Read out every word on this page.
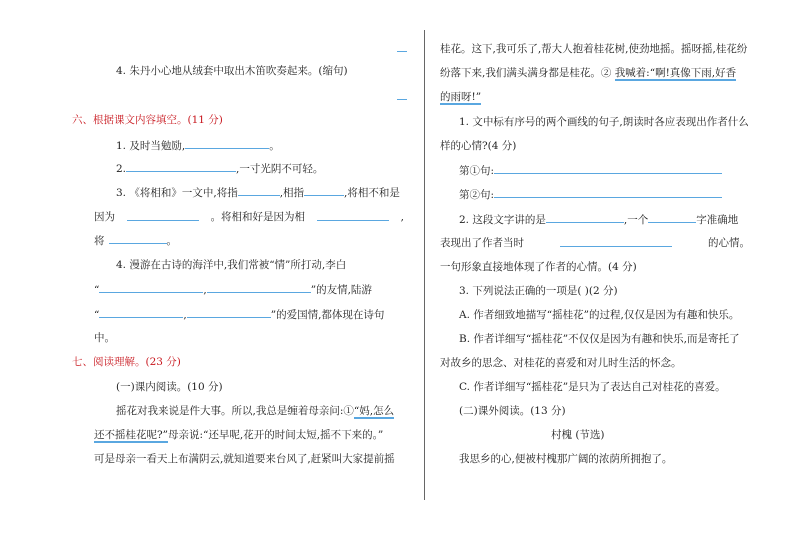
4. 朱丹小心地从绒套中取出木笛吹奏起来。(缩句)
六、根据课文内容填空。(11 分)
1. 及时当勉励,	。
2.	,一寸光阴不可轻。
3. 《将相和》一文中,将指	,相指	,将相不和是
因为	。将相和好是因为相	,
将	。
4. 漫游在古诗的海洋中,我们常被“情”所打动,李白
“	,	”的友情,陆游
“	,	”的爱国情,都体现在诗句
中。
七、阅读理解。(23 分)
(一)课内阅读。(10 分)
摇花对我来说是件大事。所以,我总是缠着母亲问:①“妈,怎么
还不摇桂花呢?”母亲说:“还早呢,花开的时间太短,摇不下来的。”
可是母亲一看天上布满阴云,就知道要来台风了,赶紧叫大家提前摇
桂花。这下,我可乐了,帮大人抱着桂花树,使劲地摇。摇呀摇,桂花纷
纷落下来,我们满头满身都是桂花。② 我喊着:“啊!真像下雨,好香
的雨呀!”
1. 文中标有序号的两个画线的句子,朗读时各应表现出作者什么
样的心情?(4 分)
第①句:
第②句:
2. 这段文字讲的是	,一个	字准确地
表现出了作者当时	的心情。
一句形象直接地体现了作者的心情。(4 分)
3. 下列说法正确的一项是( )(2 分)
A. 作者细致地描写“摇桂花”的过程,仅仅是因为有趣和快乐。
B. 作者详细写“摇桂花”不仅仅是因为有趣和快乐,而是寄托了
对故乡的思念、对桂花的喜爱和对儿时生活的怀念。
C. 作者详细写“摇桂花”是只为了表达自己对桂花的喜爱。
(二)课外阅读。(13 分)
村槐 (节选)
我思乡的心,便被村槐那广阔的浓荫所拥抱了。
